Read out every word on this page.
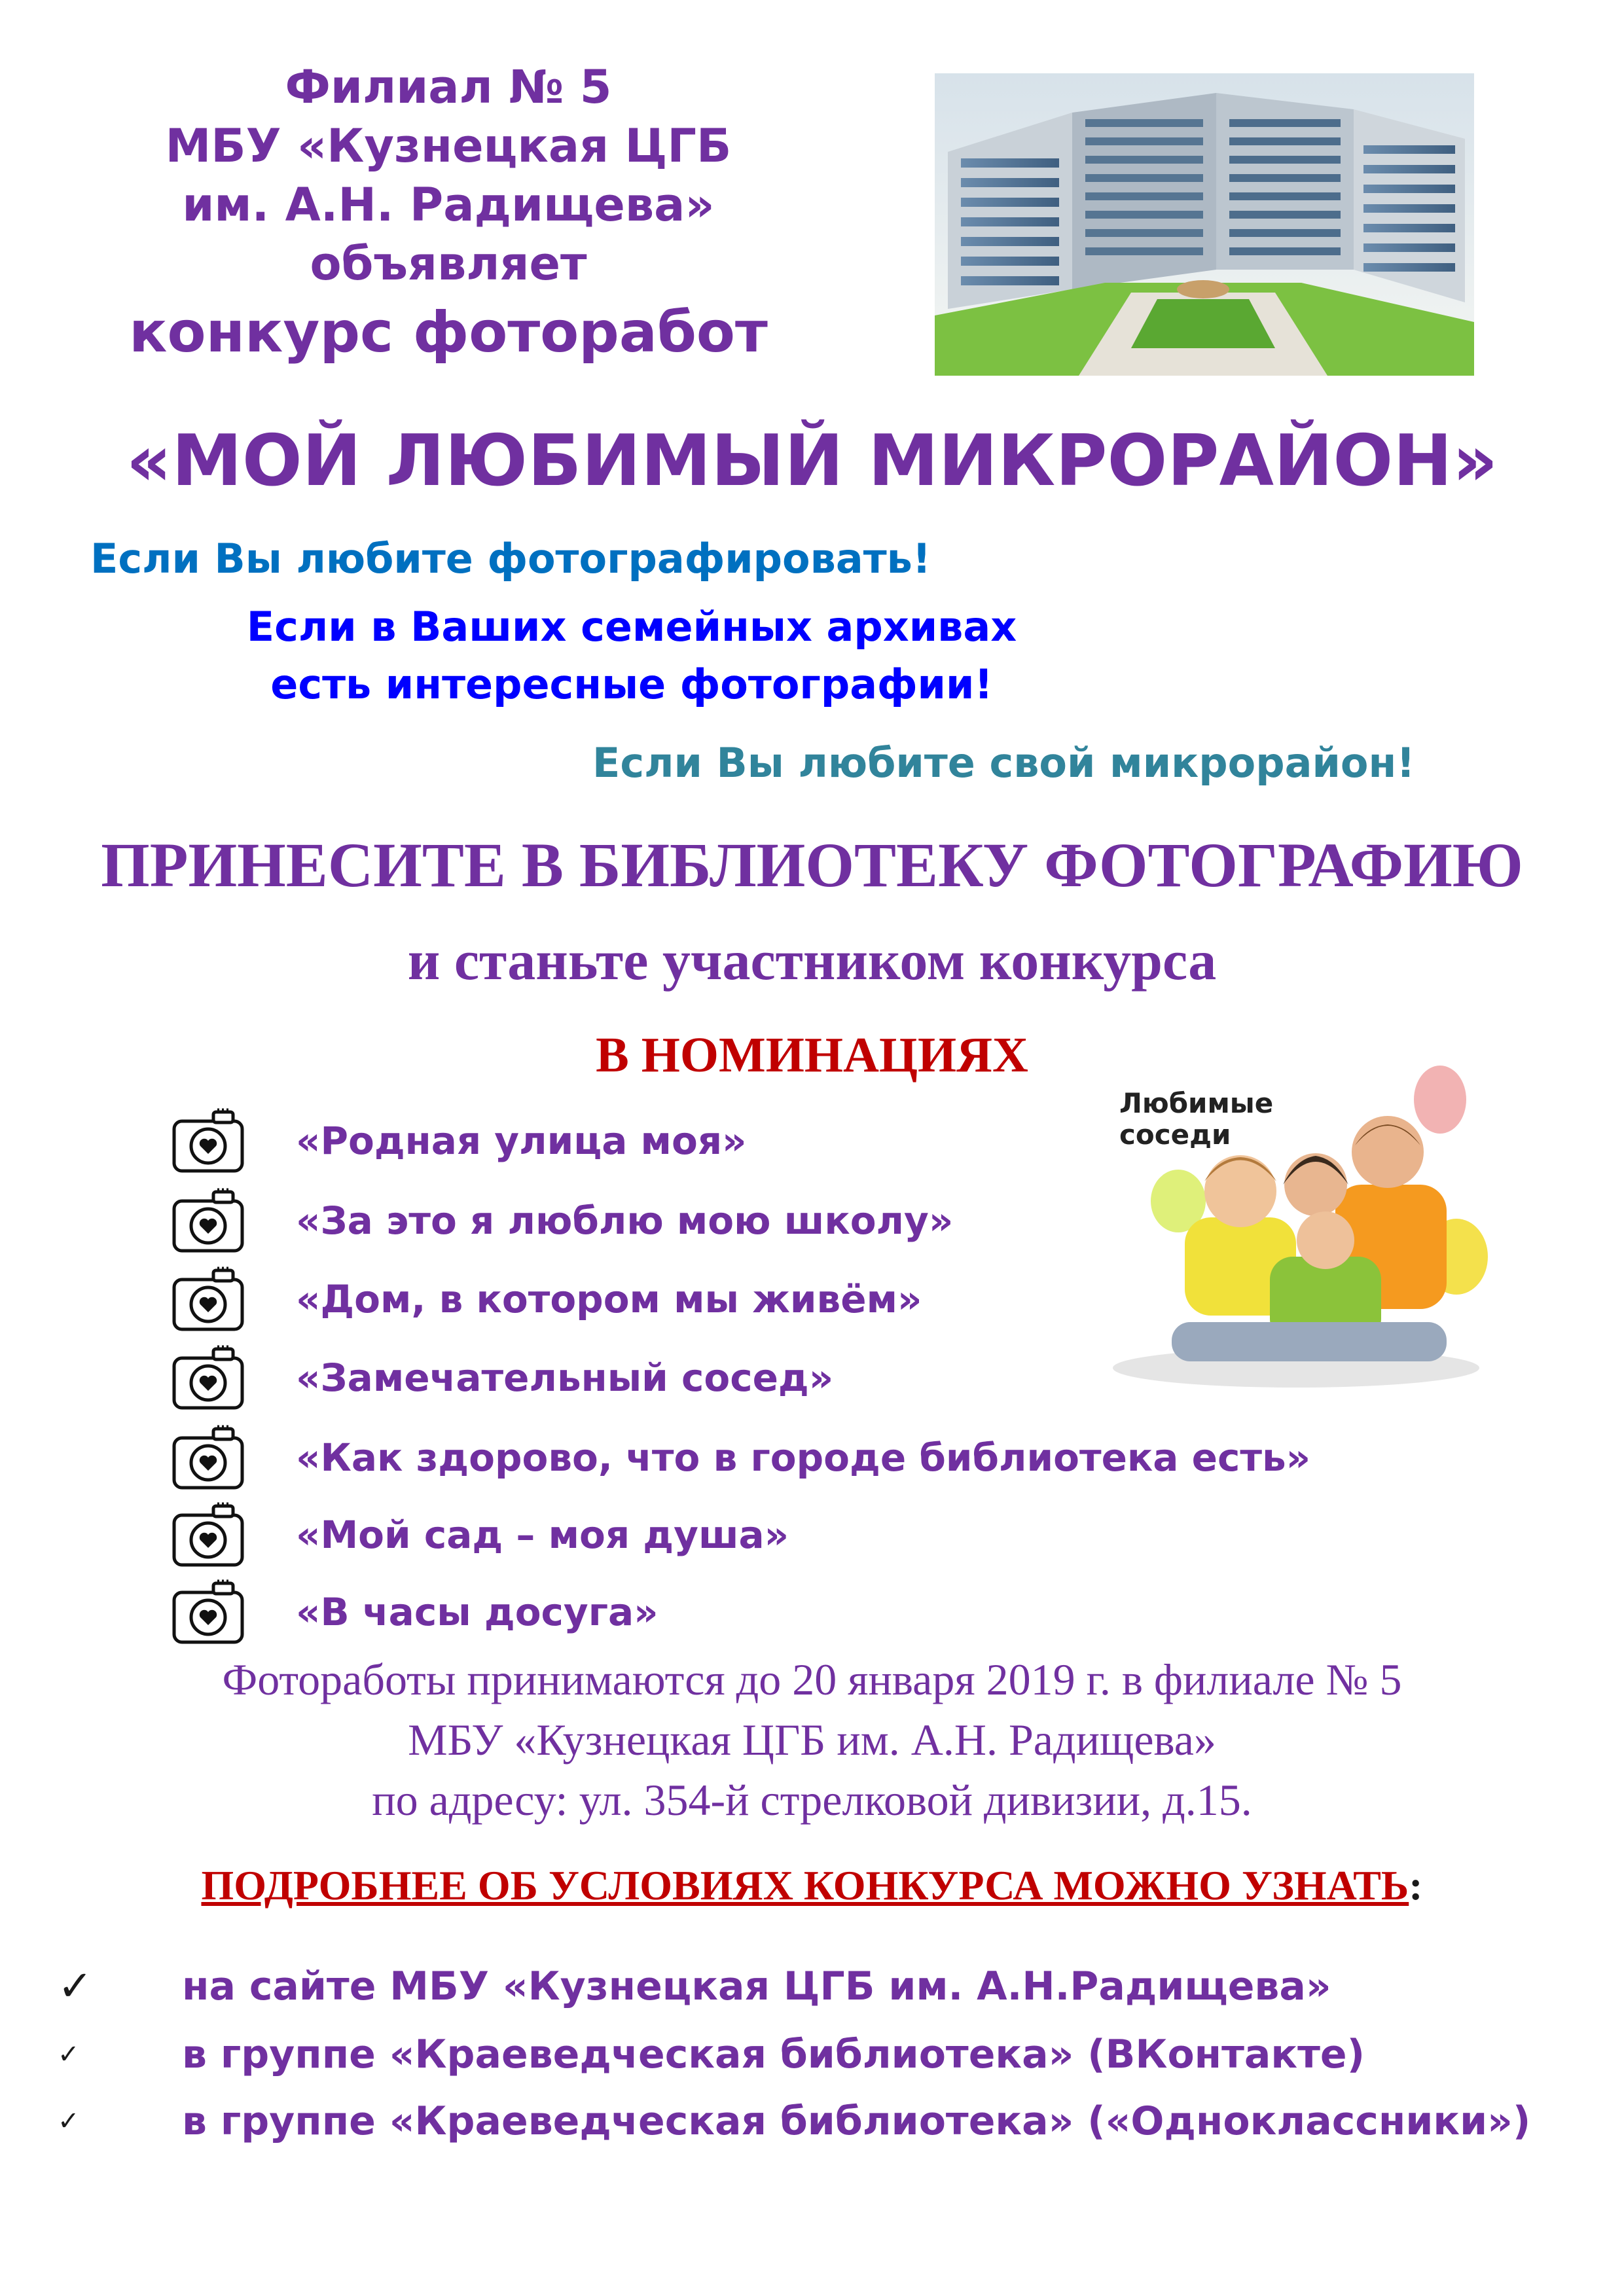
Филиал № 5
МБУ «Кузнецкая ЦГБ
им. А.Н. Радищева»
объявляет
конкурс фоторабот
«МОЙ ЛЮБИМЫЙ МИКРОРАЙОН»
Если Вы любите фотографировать!
Если в Ваших семейных архивах
есть интересные фотографии!
Если Вы любите свой микрорайон!
ПРИНЕСИТЕ В БИБЛИОТЕКУ ФОТОГРАФИЮ
и станьте участником конкурса
В НОМИНАЦИЯХ
«Родная улица моя»
«За это я люблю мою школу»
«Дом, в котором мы живём»
«Замечательный сосед»
«Как здорово, что в городе библиотека есть»
«Мой сад – моя душа»
«В часы досуга»
Любимые соседи
Фотоработы принимаются до 20 января 2019 г. в филиале № 5
МБУ «Кузнецкая ЦГБ им. А.Н. Радищева»
по адресу: ул. 354-й стрелковой дивизии, д.15.
ПОДРОБНЕЕ ОБ УСЛОВИЯХ КОНКУРСА МОЖНО УЗНАТЬ:
✓ на сайте МБУ «Кузнецкая ЦГБ им. А.Н.Радищева»
✓	в группе «Краеведческая библиотека» (ВКонтакте)
✓	в группе «Краеведческая библиотека» («Одноклассники»)
